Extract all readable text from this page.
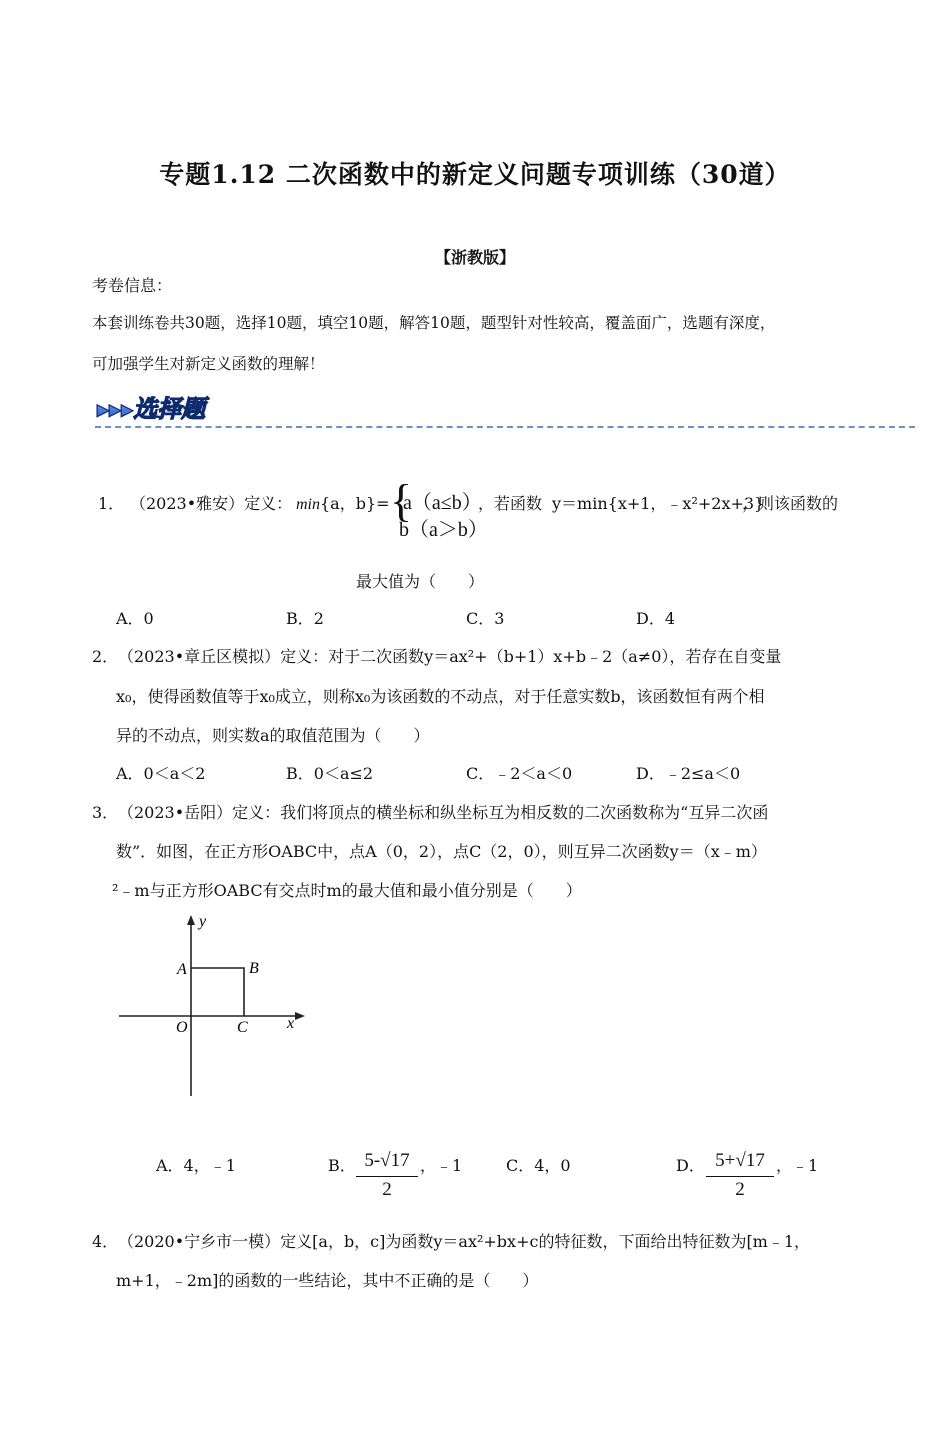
专题1.12 二次函数中的新定义问题专项训练（30道）
【浙教版】
考卷信息：
本套训练卷共30题，选择10题，填空10题，解答10题，题型针对性较高，覆盖面广，选题有深度，
可加强学生对新定义函数的理解！
▸▸▸选择题
1． （2023•雅安）定义： min{a，b}= {
a（a≤b）
b（a＞b）
，若函数 y＝min{x+1，﹣x²+2x+3}
，则该函数的
最大值为（　　）
A．0	B．2	C．3	D．4
2． （2023•章丘区模拟）定义：对于二次函数y＝ax²+（b+1）x+b﹣2（a≠0），若存在自变量
x₀，使得函数值等于x₀成立，则称x₀为该函数的不动点，对于任意实数b，该函数恒有两个相
异的不动点，则实数a的取值范围为（　　）
A．0＜a＜2	B．0＜a≤2	C．﹣2＜a＜0	D．﹣2≤a＜0
3． （2023•岳阳）定义：我们将顶点的横坐标和纵坐标互为相反数的二次函数称为“互异二次函
数”．如图，在正方形OABC中，点A（0，2），点C（2，0），则互异二次函数y＝（x﹣m）
²﹣m与正方形OABC有交点时m的最大值和最小值分别是（　　）
y
x
A	B
O	C
A．4，﹣1	B． $\frac{5-√17}{2}$ ，﹣1	C．4，0	D． $\frac{5+√17}{2}$ ，﹣1
4． （2020•宁乡市一模）定义[a，b，c]为函数y＝ax²+bx+c的特征数，下面给出特征数为[m﹣1，
m+1，﹣2m]的函数的一些结论，其中不正确的是（　　）
